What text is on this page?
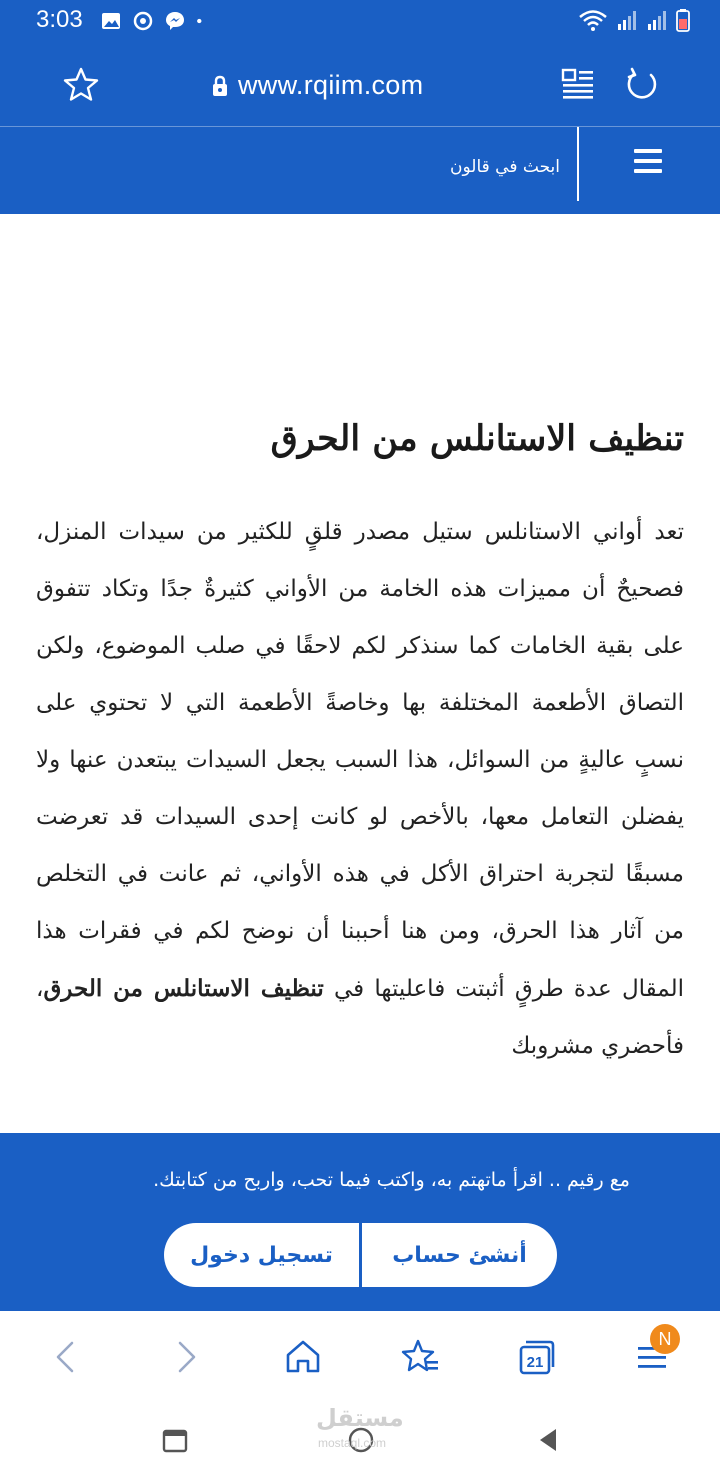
3:03
www.rqiim.com
ابحث في قالون
تنظيف الاستانلس من الحرق

تعد أواني الاستانلس ستيل مصدر قلقٍ للكثير من سيدات المنزل، فصحيحٌ أن مميزات هذه الخامة من الأواني كثيرةٌ جدًا وتكاد تتفوق على بقية الخامات كما سنذكر لكم لاحقًا في صلب الموضوع، ولكن التصاق الأطعمة المختلفة بها وخاصةً الأطعمة التي لا تحتوي على نسبٍ عاليةٍ من السوائل، هذا السبب يجعل السيدات يبتعدن عنها ولا يفضلن التعامل معها، بالأخص لو كانت إحدى السيدات قد تعرضت مسبقًا لتجربة احتراق الأكل في هذه الأواني، ثم عانت في التخلص من آثار هذا الحرق، ومن هنا أحببنا أن نوضح لكم في فقرات هذا المقال عدة طرقٍ أثبتت فاعليتها في تنظيف الاستانلس من الحرق، فأحضري مشروبك

مع رقيم .. اقرأ ماتهتم به، واكتب فيما تحب، واربح من كتابتك.
تسجيل دخول	أنشئ حساب
21
N
مستقل
mostaql.com
